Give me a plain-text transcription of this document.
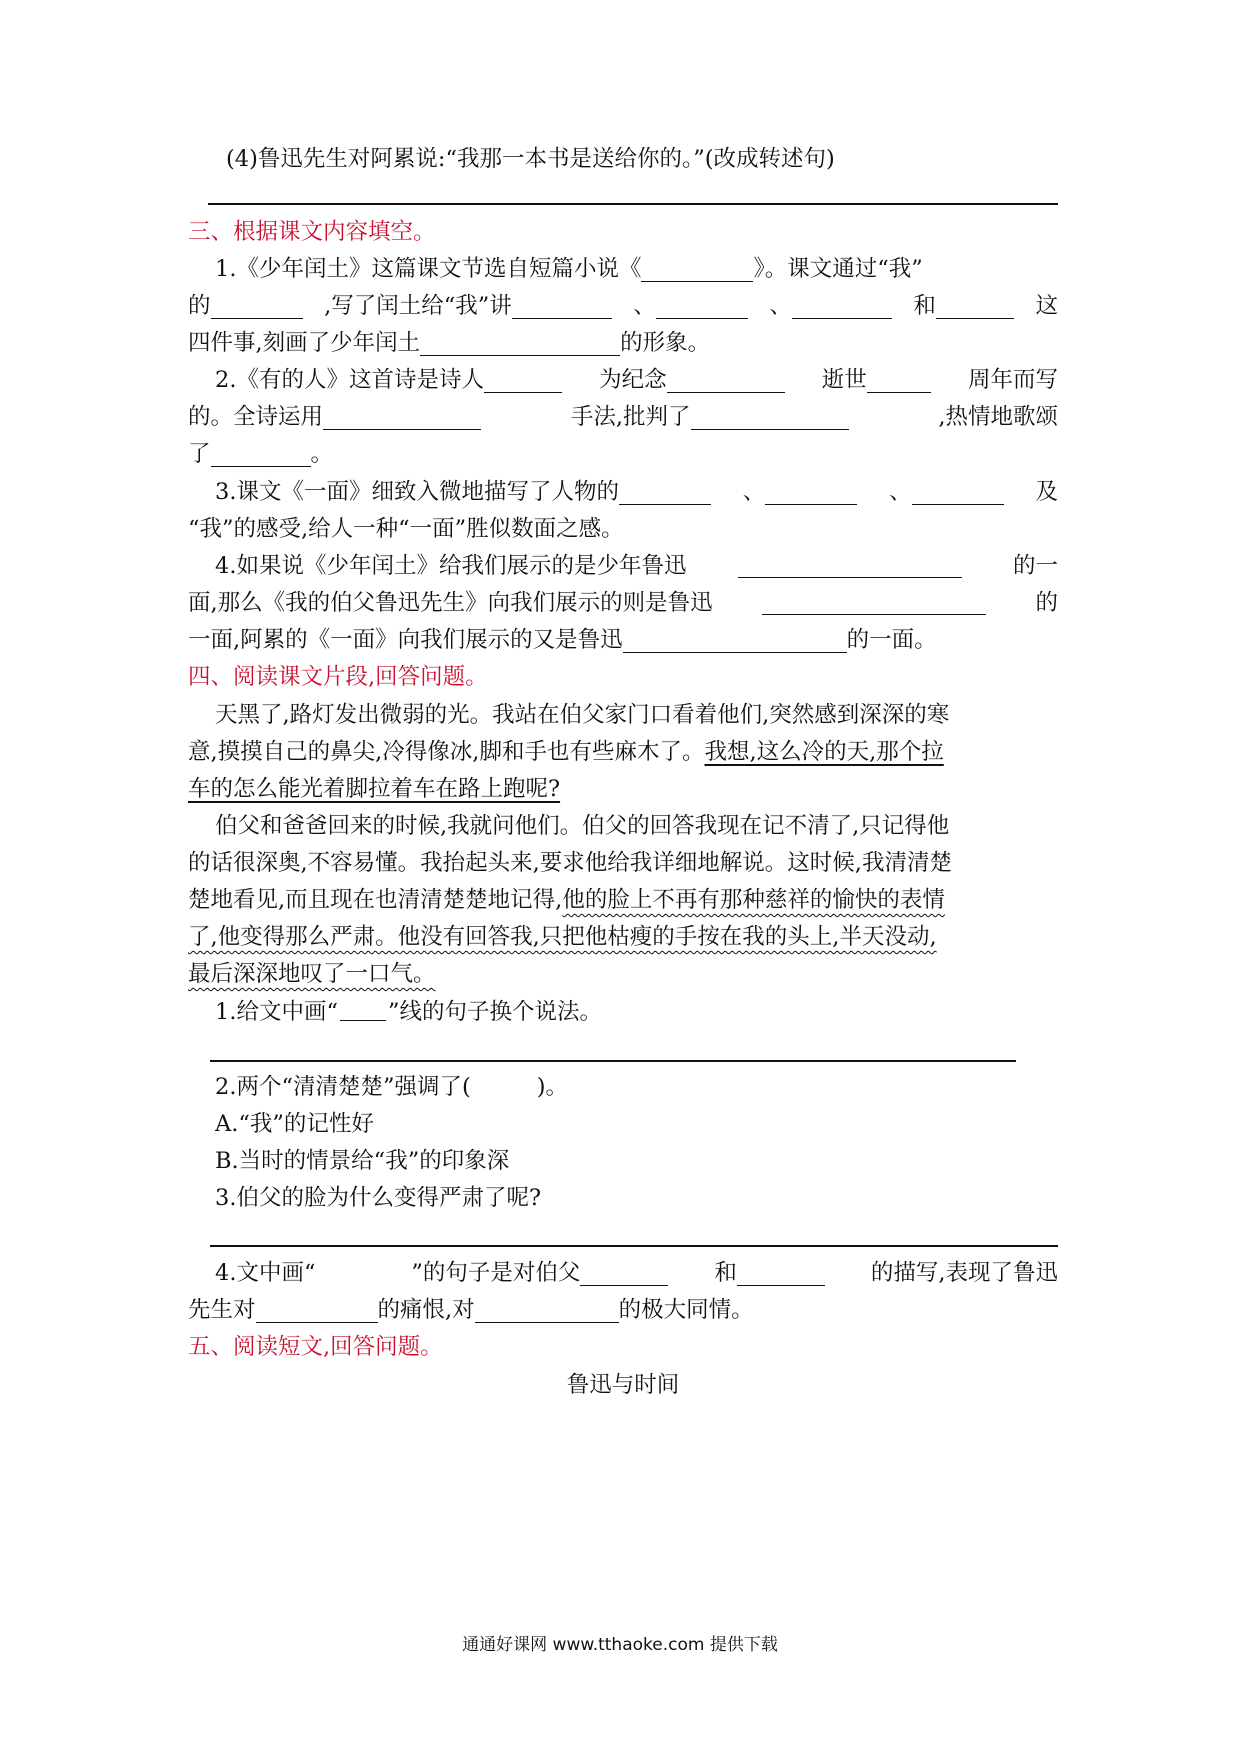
(4)鲁迅先生对阿累说:“我那一本书是送给你的。”(改成转述句)
三、根据课文内容填空。
1.《少年闰土》这篇课文节选自短篇小说《	》。课文通过“我”
的	,写了闰土给“我”讲	、	、	和	这
四件事,刻画了少年闰土	的形象。
2.《有的人》这首诗是诗人	为纪念	逝世	周年而写
的。全诗运用	手法,批判了	,热情地歌颂
了	。
3.课文《一面》细致入微地描写了人物的	、	、	及
“我”的感受,给人一种“一面”胜似数面之感。
4.如果说《少年闰土》给我们展示的是少年鲁迅	的一
面,那么《我的伯父鲁迅先生》向我们展示的则是鲁迅	的
一面,阿累的《一面》向我们展示的又是鲁迅	的一面。
四、阅读课文片段,回答问题。
天黑了,路灯发出微弱的光。我站在伯父家门口看着他们,突然感到深深的寒
意,摸摸自己的鼻尖,冷得像冰,脚和手也有些麻木了。我想,这么冷的天,那个拉
车的怎么能光着脚拉着车在路上跑呢?
伯父和爸爸回来的时候,我就问他们。伯父的回答我现在记不清了,只记得他
的话很深奥,不容易懂。我抬起头来,要求他给我详细地解说。这时候,我清清楚
楚地看见,而且现在也清清楚楚地记得,他的脸上不再有那种慈祥的愉快的表情
了,他变得那么严肃。他没有回答我,只把他枯瘦的手按在我的头上,半天没动,
最后深深地叹了一口气。
1.给文中画“ ”线的句子换个说法。
2.两个“清清楚楚”强调了(	)。
A.“我”的记性好
B.当时的情景给“我”的印象深
3.伯父的脸为什么变得严肃了呢?
4.文中画“	”的句子是对伯父	和	的描写,表现了鲁迅
先生对	的痛恨,对	的极大同情。
五、阅读短文,回答问题。
鲁迅与时间
通通好课网 www.tthaoke.com 提供下载
